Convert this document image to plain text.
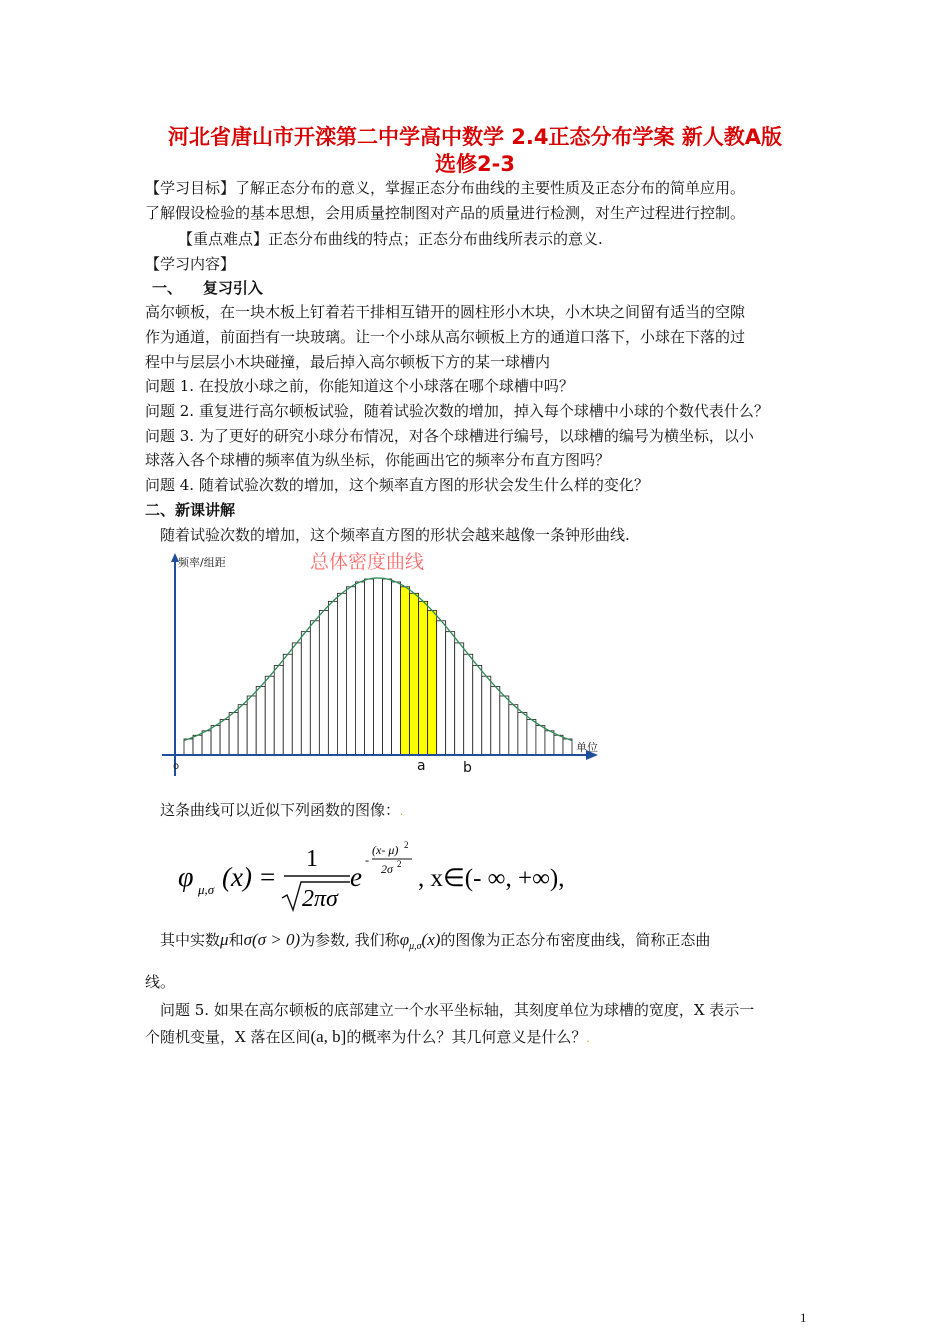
河北省唐山市开滦第二中学高中数学 2.4正态分布学案 新人教A版
选修2-3
【学习目标】了解正态分布的意义，掌握正态分布曲线的主要性质及正态分布的简单应用。
了解假设检验的基本思想，会用质量控制图对产品的质量进行检测，对生产过程进行控制。
【重点难点】正态分布曲线的特点；正态分布曲线所表示的意义.
【学习内容】
一、    复习引入
高尔顿板，在一块木板上钉着若干排相互错开的圆柱形小木块，小木块之间留有适当的空隙
作为通道，前面挡有一块玻璃。让一个小球从高尔顿板上方的通道口落下，小球在下落的过
程中与层层小木块碰撞，最后掉入高尔顿板下方的某一球槽内
问题 1. 在投放小球之前，你能知道这个小球落在哪个球槽中吗？
问题 2. 重复进行高尔顿板试验，随着试验次数的增加，掉入每个球槽中小球的个数代表什么？
问题 3. 为了更好的研究小球分布情况，对各个球槽进行编号，以球槽的编号为横坐标，以小
球落入各个球槽的频率值为纵坐标，你能画出它的频率分布直方图吗？
问题 4. 随着试验次数的增加，这个频率直方图的形状会发生什么样的变化？
二、新课讲解
随着试验次数的增加，这个频率直方图的形状会越来越像一条钟形曲线.
频率/组距	总体密度曲线
单位
o	a	b
这条曲线可以近似下列函数的图像：.
φ μ,σ (x) =
1
2πσ
e
-
(x- μ) 2
2σ 2
, x∈(- ∞, +∞),
其中实数μ和σ(σ > 0)为参数, 我们称$\varphi_{\mu,\sigma}(x)$的图像为正态分布密度曲线，简称正态曲
线。
问题 5. 如果在高尔顿板的底部建立一个水平坐标轴，其刻度单位为球槽的宽度，X 表示一
个随机变量，X 落在区间(a, b]的概率为什么？其几何意义是什么？.
1
